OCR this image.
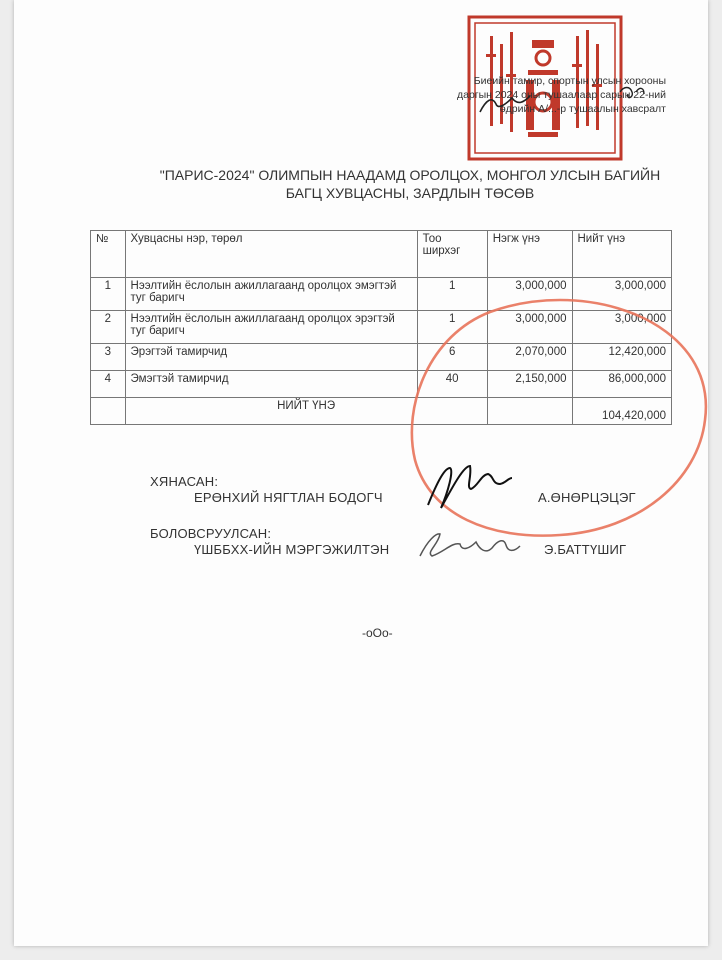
Биеийн тамир, спортын улсын хорооны
даргын 2024 оны тушаалаар сарын 22-ний
өдрийн A/...-р тушаалын хавсралт
"ПАРИС-2024" ОЛИМПЫН НААДАМД ОРОЛЦОХ, МОНГОЛ УЛСЫН БАГИЙН
БАГЦ ХУВЦАСНЫ, ЗАРДЛЫН ТӨСӨВ
№	Хувцасны нэр, төрөл	Тоо ширхэг	Нэгж үнэ	Нийт үнэ
1	Нээлтийн ёслолын ажиллагаанд оролцох эмэгтэй туг баригч	1	3,000,000	3,000,000
2	Нээлтийн ёслолын ажиллагаанд оролцох эрэгтэй туг баригч	1	3,000,000	3,000,000
3	Эрэгтэй тамирчид	6	2,070,000	12,420,000
4	Эмэгтэй тамирчид	40	2,150,000	86,000,000
	НИЙТ ҮНЭ			104,420,000
ХЯНАСАН:
ЕРӨНХИЙ НЯГТЛАН БОДОГЧ	А.ӨНӨРЦЭЦЭГ
БОЛОВСРУУЛСАН:
ҮШББХХ-ИЙН МЭРГЭЖИЛТЭН	Э.БАТТҮШИГ
-oOo-
